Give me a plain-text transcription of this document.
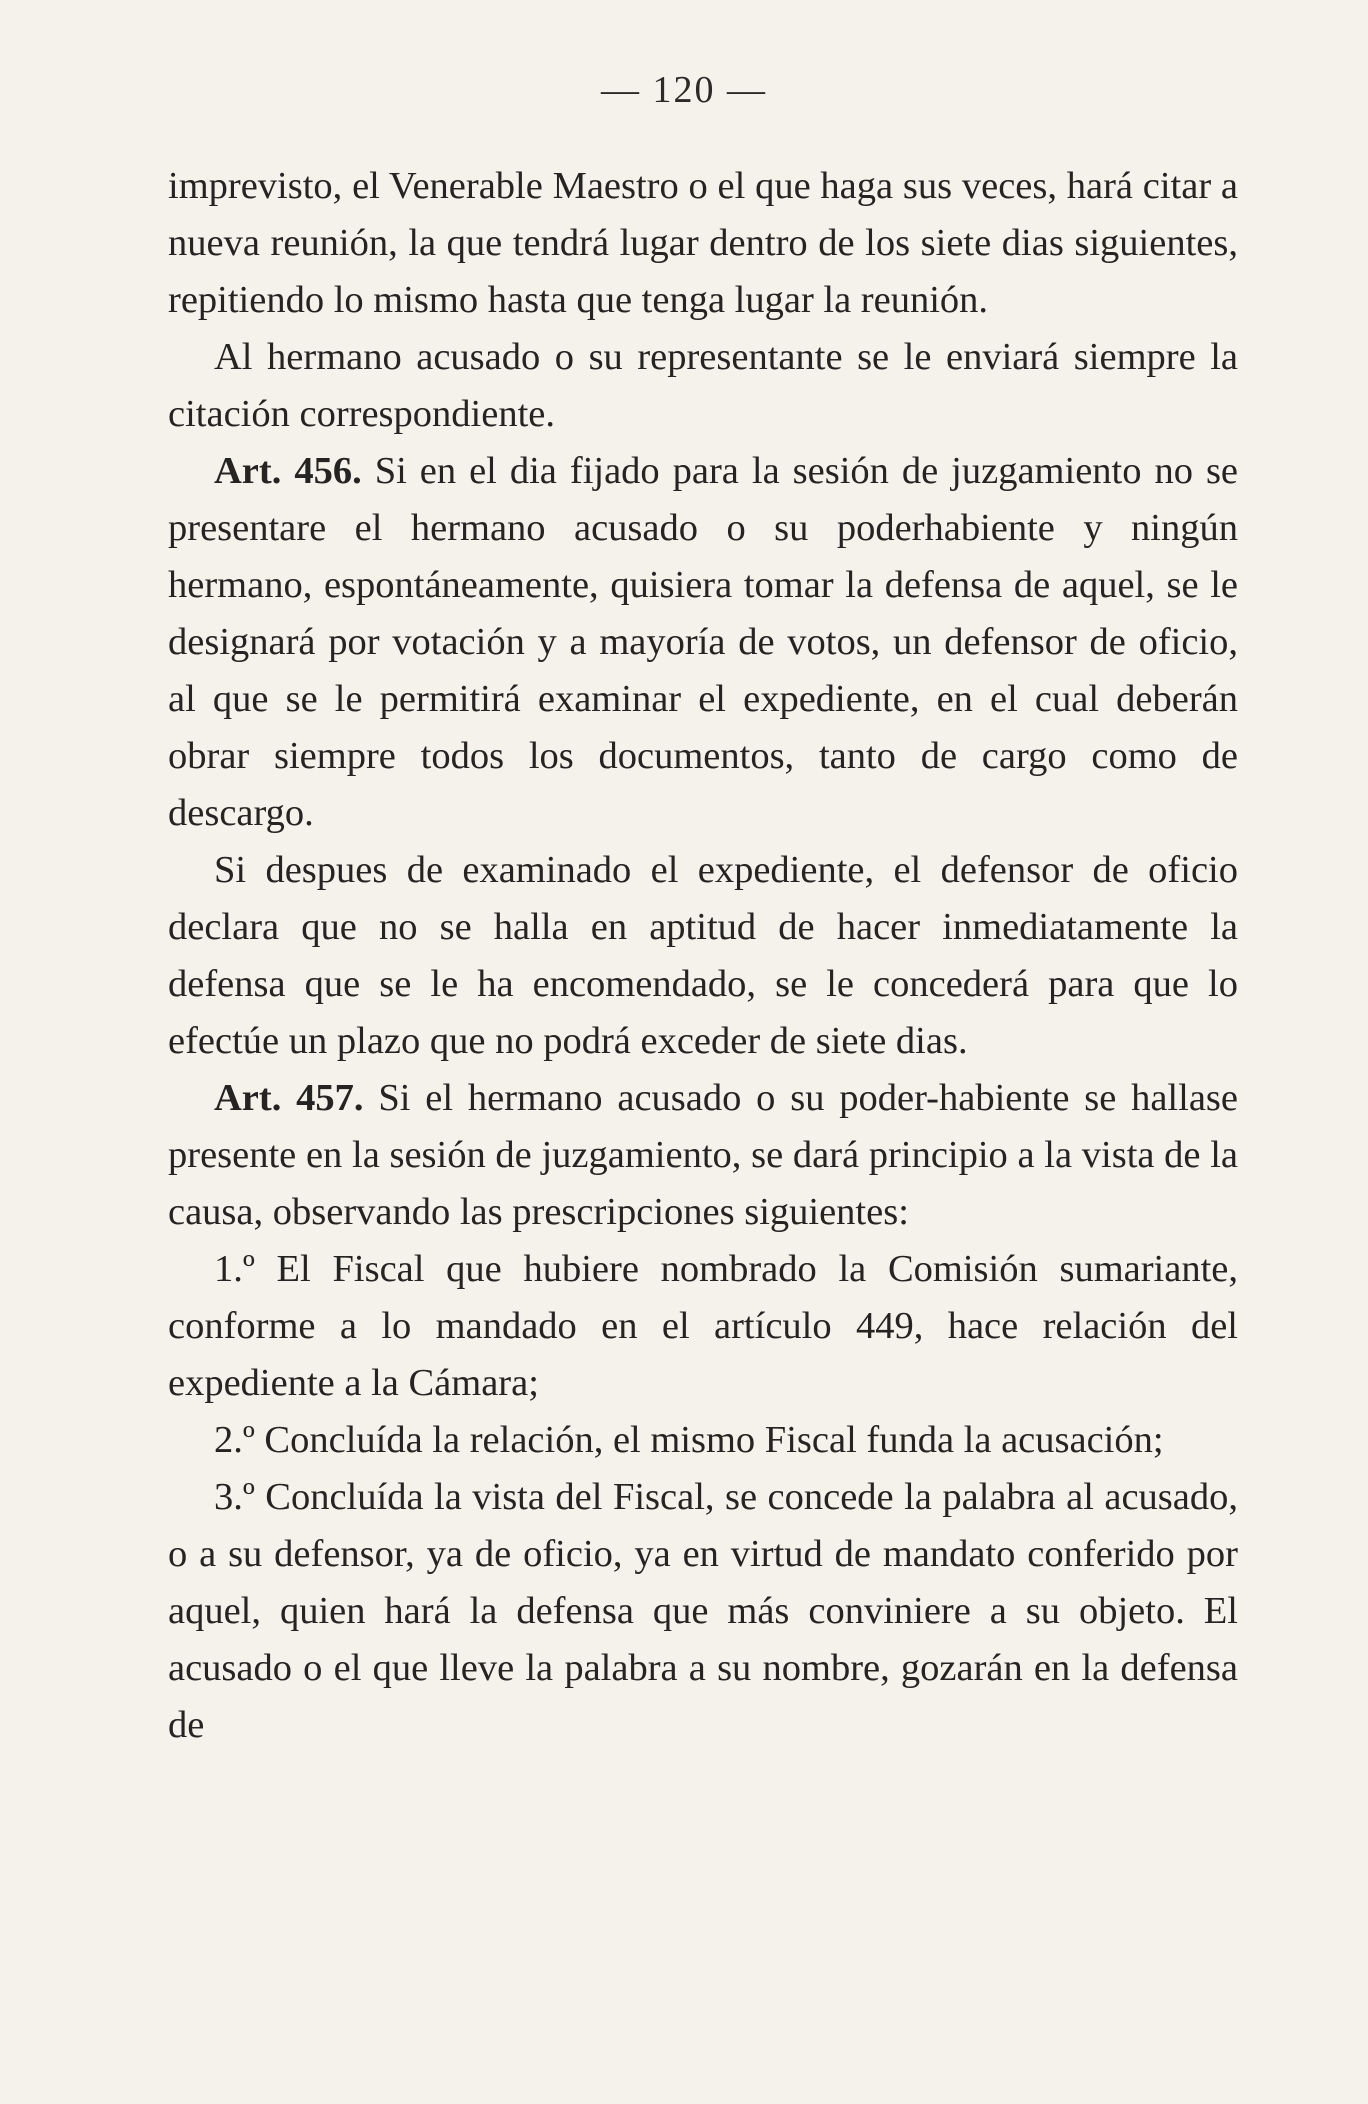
— 120 —

imprevisto, el Venerable Maestro o el que haga sus veces, hará citar a nueva reunión, la que tendrá lugar dentro de los siete dias siguientes, repitiendo lo mismo hasta que tenga lugar la reunión.

Al hermano acusado o su representante se le enviará siempre la citación correspondiente.

Art. 456. Si en el dia fijado para la sesión de juzgamiento no se presentare el hermano acusado o su poderhabiente y ningún hermano, espontáneamente, quisiera tomar la defensa de aquel, se le designará por votación y a mayoría de votos, un defensor de oficio, al que se le permitirá examinar el expediente, en el cual deberán obrar siempre todos los documentos, tanto de cargo como de descargo.

Si despues de examinado el expediente, el defensor de oficio declara que no se halla en aptitud de hacer inmediatamente la defensa que se le ha encomendado, se le concederá para que lo efectúe un plazo que no podrá exceder de siete dias.

Art. 457. Si el hermano acusado o su poder-habiente se hallase presente en la sesión de juzgamiento, se dará principio a la vista de la causa, observando las prescripciones siguientes:

1.º El Fiscal que hubiere nombrado la Comisión sumariante, conforme a lo mandado en el artículo 449, hace relación del expediente a la Cámara;

2.º Concluída la relación, el mismo Fiscal funda la acusación;

3.º Concluída la vista del Fiscal, se concede la palabra al acusado, o a su defensor, ya de oficio, ya en virtud de mandato conferido por aquel, quien hará la defensa que más conviniere a su objeto. El acusado o el que lleve la palabra a su nombre, gozarán en la defensa de
